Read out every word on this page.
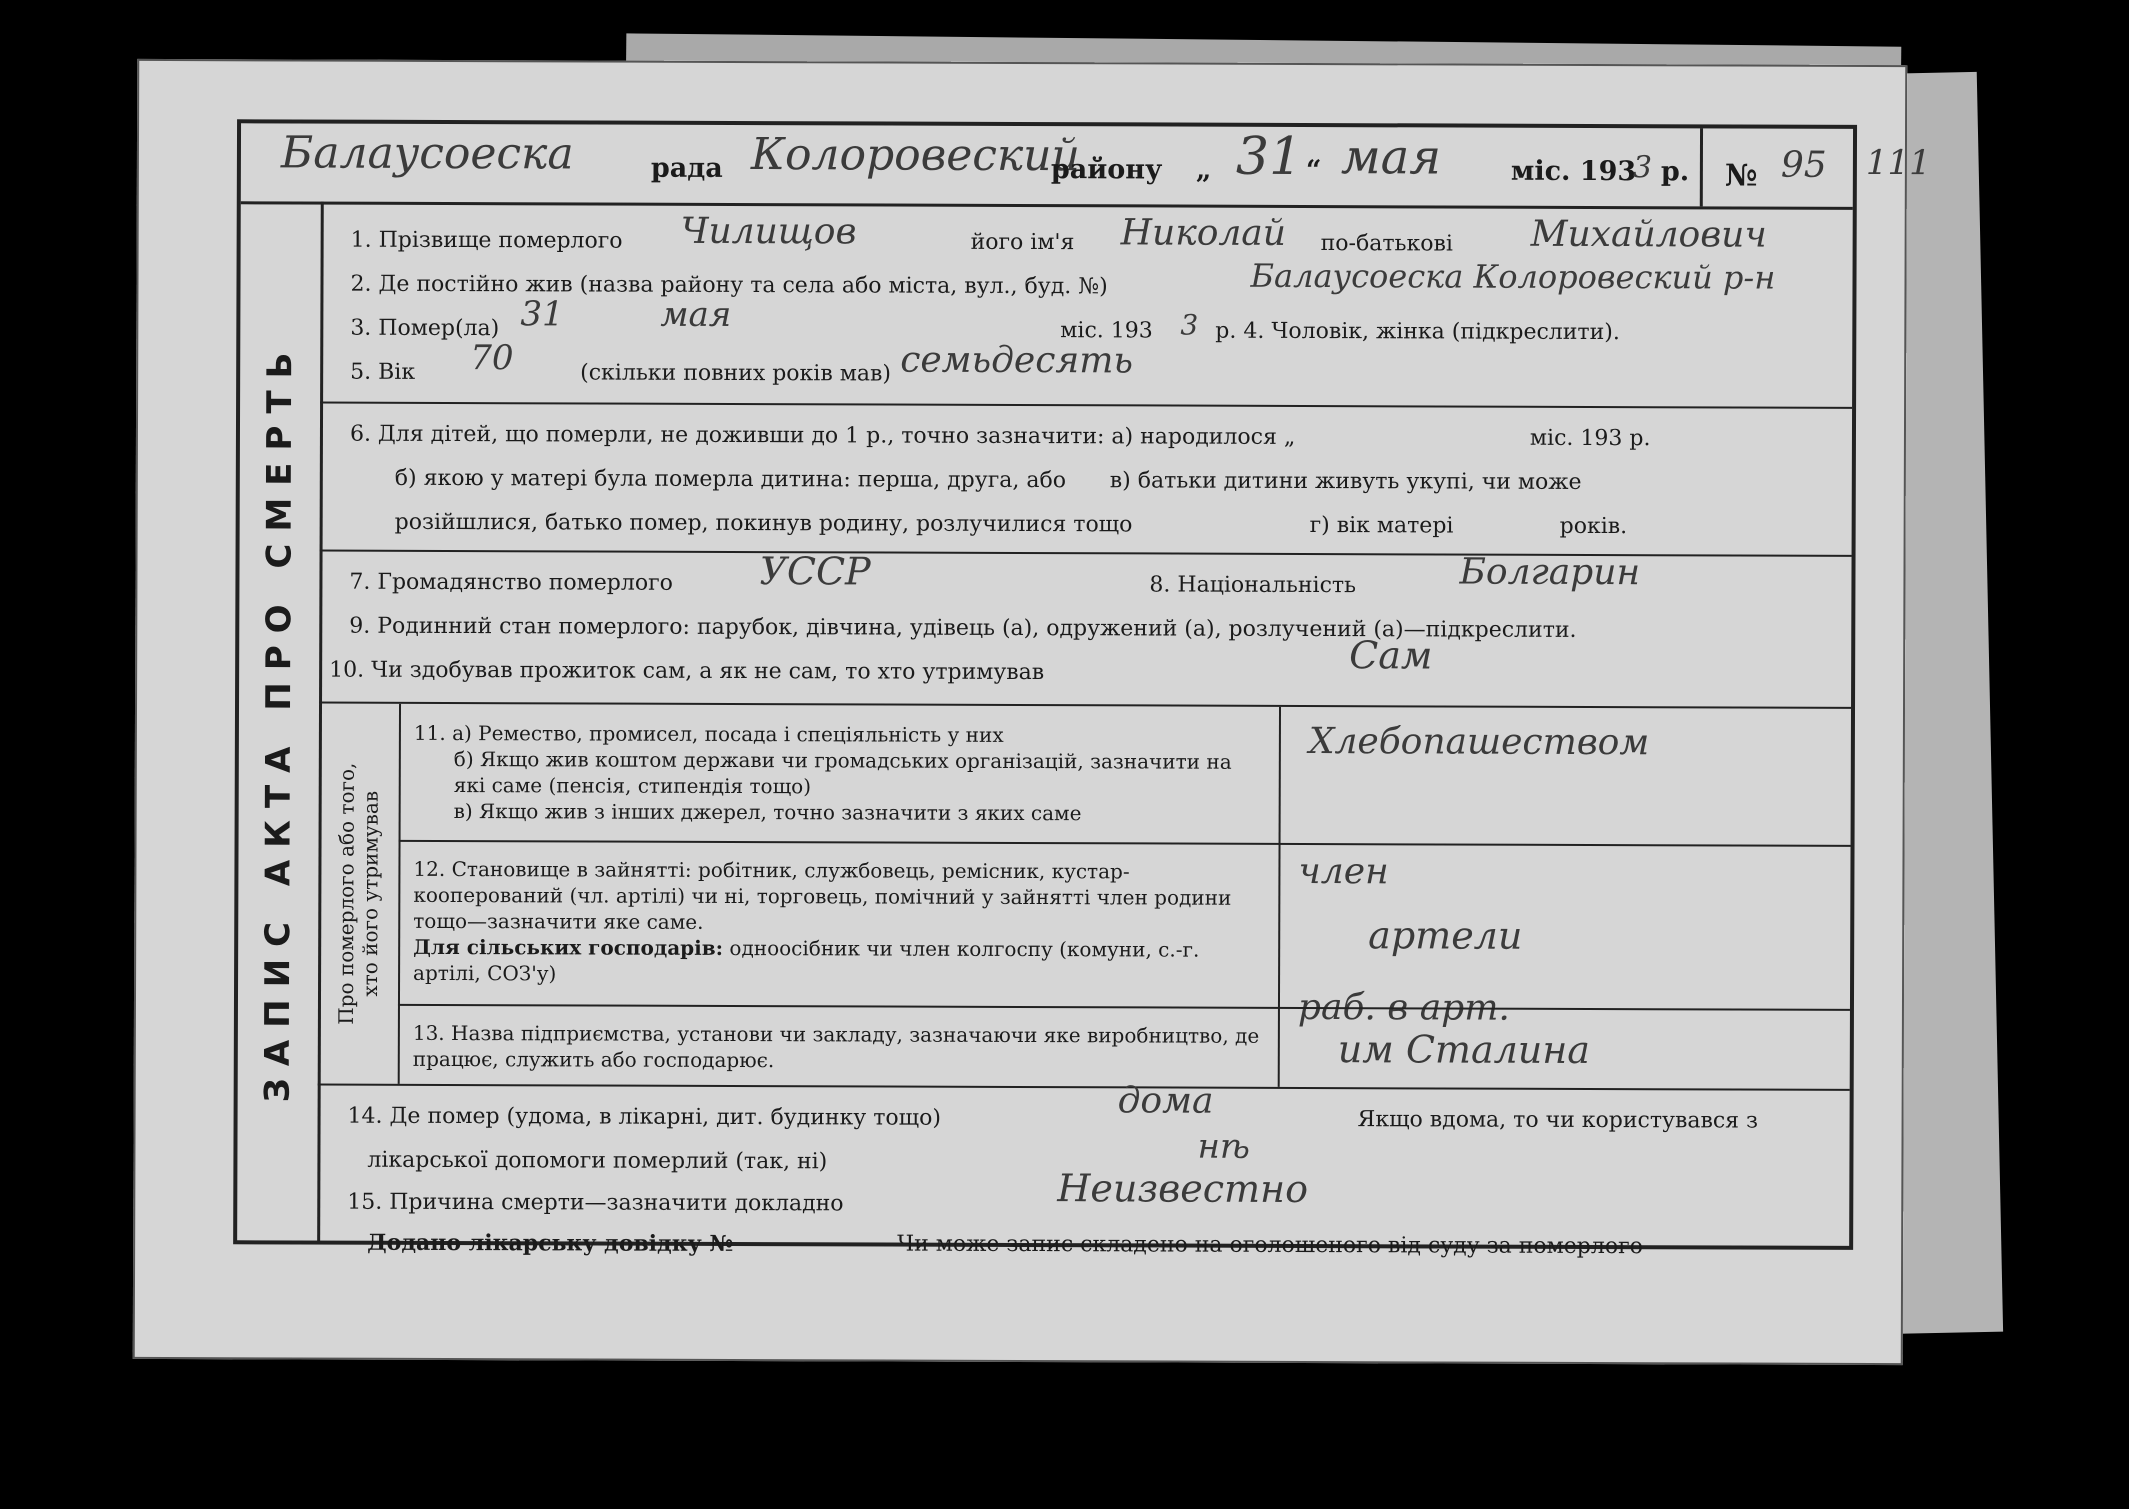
Балаусоеска	рада Колоровеский
району „ 31 “ мая	міс. 193
3 р. № 95 111
ЗАПИС АКТА ПРО СМЕРТЬ
1. Прізвище померлого Чилищов	його ім'я Николай по-батькові Михайлович
2. Де постійно жив (назва району та села або міста, вул., буд. №)	Балаусоеска Колоровеский р-н
3. Помер(ла) 31	мая	міс. 193 3 р. 4. Чоловік, жінка (підкреслити).
5. Вік 70	(скільки повних років мав) семьдесять
6. Для дітей, що померли, не доживши до 1 р., точно зазначити: а) народилося „	міс. 193 р.
б) якою у матері була померла дитина: перша, друга, або в) батьки дитини живуть укупі, чи може
розійшлися, батько помер, покинув родину, розлучилися тощо	г) вік матері	років.
7. Громадянство померлого УССР	8. Національність	Болгарин
9. Родинний стан померлого: парубок, дівчина, удівець (а), одружений (а), розлучений (а)—підкреслити.
10. Чи здобував прожиток сам, а як не сам, то хто утримував	Сам
Про померлого або того,
хто його утримував
11. а) Ремество, промисел, посада і спеціяльність у них
б) Якщо жив коштом держави чи громадських організацій, зазначити на які саме (пенсія, стипендія тощо)
в) Якщо жив з інших джерел, точно зазначити з яких саме
Хлебопашеством
12. Становище в зайнятті: робітник, службовець, ремісник, кустар-кооперований (чл. артілі) чи ні, торговець, помічний у зайнятті член родини тощо—зазначити яке саме.
Для сільських господарів: одноосібник чи член колгоспу (комуни, с.-г. артілі, СОЗ'у)
член
артели
раб. в арт.
13. Назва підприємства, установи чи закладу, зазначаючи яке виробництво, де працює, служить або господарює.	им Сталина
14. Де помер (удома, в лікарні, дит. будинку тощо)	дома	Якщо вдома, то чи користувався з
лікарської допомоги померлий (так, ні)	нѣ
15. Причина смерти—зазначити докладно	Неизвестно
Додано лікарську довідку №	Чи може запис складено на оголошеного від суду за померлого
